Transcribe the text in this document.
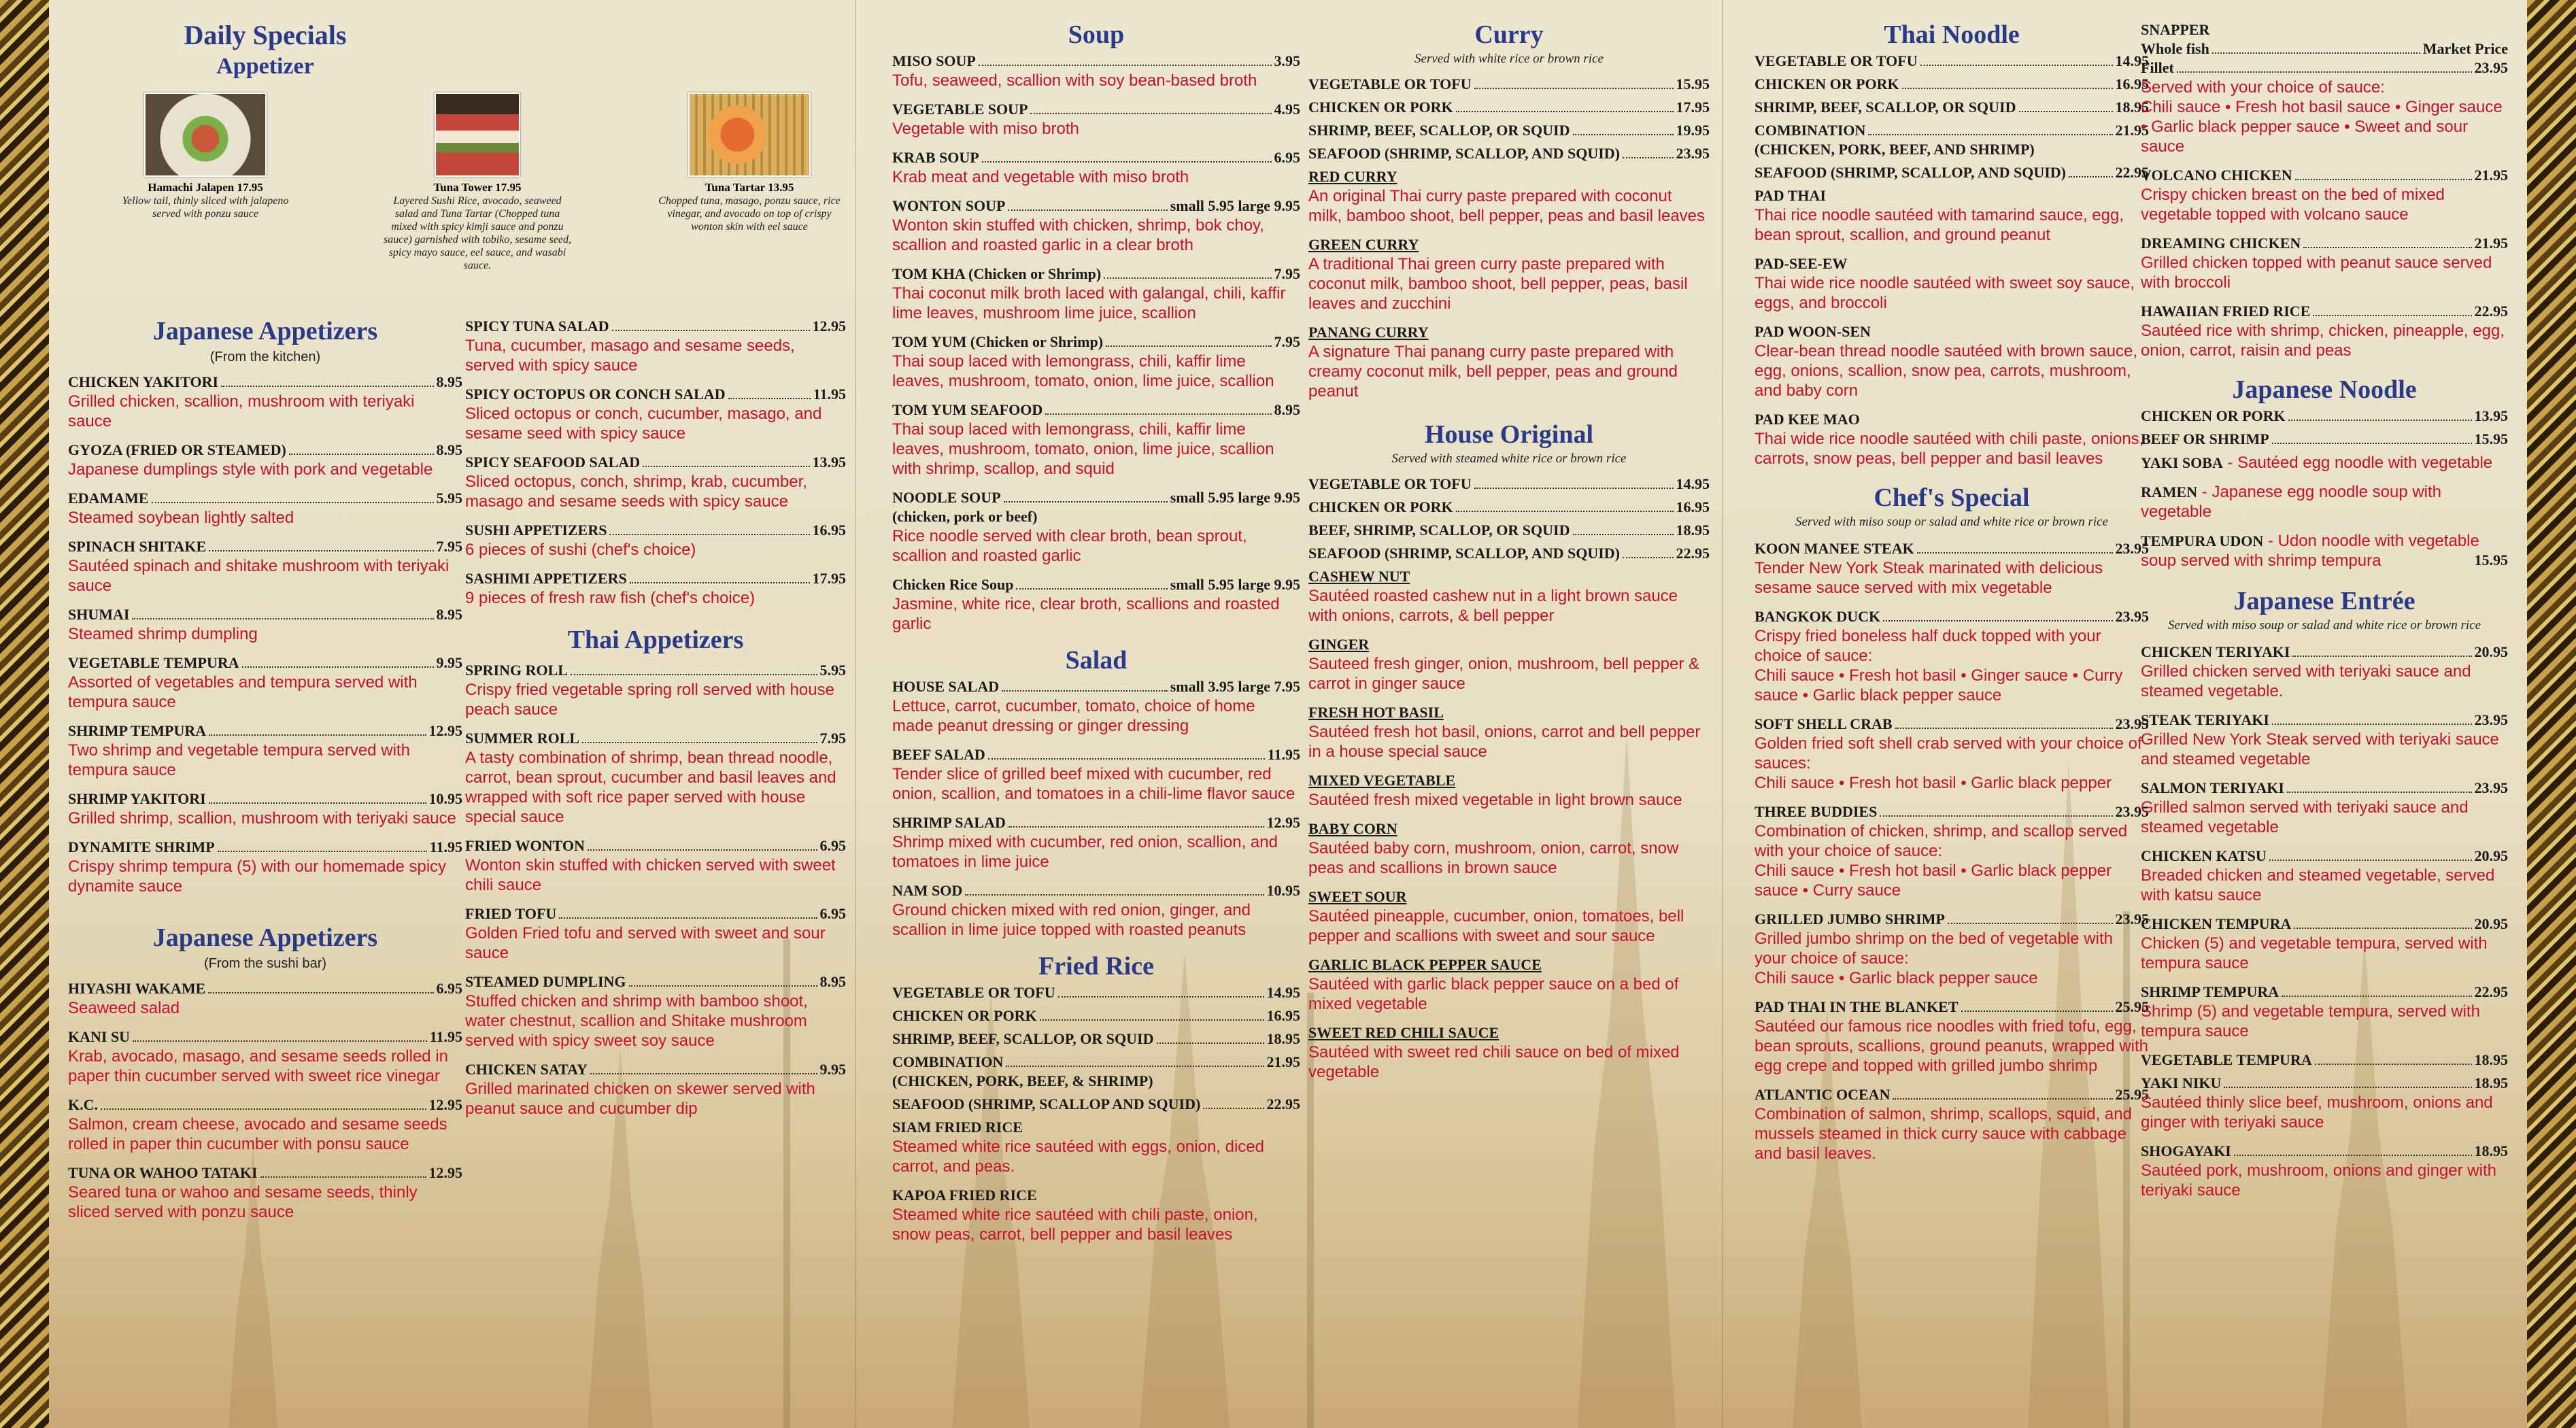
Daily Specials
Appetizer
Hamachi Jalapen 17.95
Yellow tail, thinly sliced with jalapeno served with ponzu sauce
Tuna Tower 17.95
Layered Sushi Rice, avocado, seaweed salad and Tuna Tartar (Chopped tuna mixed with spicy kimji sauce and ponzu sauce) garnished with tobiko, sesame seed, spicy mayo sauce, eel sauce, and wasabi sauce.
Tuna Tartar 13.95
Chopped tuna, masago, ponzu sauce, rice vinegar, and avocado on top of crispy wonton skin with eel sauce
Japanese Appetizers
(From the kitchen)
CHICKEN YAKITORI	8.95
Grilled chicken, scallion, mushroom with teriyaki sauce
GYOZA (FRIED OR STEAMED)	8.95
Japanese dumplings style with pork and vegetable
EDAMAME	5.95
Steamed soybean lightly salted
SPINACH SHITAKE	7.95
Sautéed spinach and shitake mushroom with teriyaki sauce
SHUMAI	8.95
Steamed shrimp dumpling
VEGETABLE TEMPURA	9.95
Assorted of vegetables and tempura served with tempura sauce
SHRIMP TEMPURA	12.95
Two shrimp and vegetable tempura served with tempura sauce
SHRIMP YAKITORI	10.95
Grilled shrimp, scallion, mushroom with teriyaki sauce
DYNAMITE SHRIMP	11.95
Crispy shrimp tempura (5) with our homemade spicy dynamite sauce
Japanese Appetizers
(From the sushi bar)
HIYASHI WAKAME	6.95
Seaweed salad
KANI SU	11.95
Krab, avocado, masago, and sesame seeds rolled in paper thin cucumber served with sweet rice vinegar
K.C.	12.95
Salmon, cream cheese, avocado and sesame seeds rolled in paper thin cucumber with ponsu sauce
TUNA OR WAHOO TATAKI	12.95
Seared tuna or wahoo and sesame seeds, thinly sliced served with ponzu sauce
SPICY TUNA SALAD	12.95
Tuna, cucumber, masago and sesame seeds, served with spicy sauce
SPICY OCTOPUS OR CONCH SALAD	11.95
Sliced octopus or conch, cucumber, masago, and sesame seed with spicy sauce
SPICY SEAFOOD SALAD	13.95
Sliced octopus, conch, shrimp, krab, cucumber, masago and sesame seeds with spicy sauce
SUSHI APPETIZERS	16.95
6 pieces of sushi (chef's choice)
SASHIMI APPETIZERS	17.95
9 pieces of fresh raw fish (chef's choice)
Thai Appetizers
SPRING ROLL	5.95
Crispy fried vegetable spring roll served with house peach sauce
SUMMER ROLL	7.95
A tasty combination of shrimp, bean thread noodle, carrot, bean sprout, cucumber and basil leaves and wrapped with soft rice paper served with house special sauce
FRIED WONTON	6.95
Wonton skin stuffed with chicken served with sweet chili sauce
FRIED TOFU	6.95
Golden Fried tofu and served with sweet and sour sauce
STEAMED DUMPLING	8.95
Stuffed chicken and shrimp with bamboo shoot, water chestnut, scallion and Shitake mushroom served with spicy sweet soy sauce
CHICKEN SATAY	9.95
Grilled marinated chicken on skewer served with peanut sauce and cucumber dip
Soup
MISO SOUP	3.95
Tofu, seaweed, scallion with soy bean-based broth
VEGETABLE SOUP	4.95
Vegetable with miso broth
KRAB SOUP	6.95
Krab meat and vegetable with miso broth
WONTON SOUP	small 5.95 large 9.95
Wonton skin stuffed with chicken, shrimp, bok choy, scallion and roasted garlic in a clear broth
TOM KHA (Chicken or Shrimp)	7.95
Thai coconut milk broth laced with galangal, chili, kaffir lime leaves, mushroom lime juice, scallion
TOM YUM (Chicken or Shrimp)	7.95
Thai soup laced with lemongrass, chili, kaffir lime leaves, mushroom, tomato, onion, lime juice, scallion
TOM YUM SEAFOOD	8.95
Thai soup laced with lemongrass, chili, kaffir lime leaves, mushroom, tomato, onion, lime juice, scallion with shrimp, scallop, and squid
NOODLE SOUP	small 5.95 large 9.95
(chicken, pork or beef)
Rice noodle served with clear broth, bean sprout, scallion and roasted garlic
Chicken Rice Soup	small 5.95 large 9.95
Jasmine, white rice, clear broth, scallions and roasted garlic
Salad
HOUSE SALAD	small 3.95 large 7.95
Lettuce, carrot, cucumber, tomato, choice of home made peanut dressing or ginger dressing
BEEF SALAD	11.95
Tender slice of grilled beef mixed with cucumber, red onion, scallion, and tomatoes in a chili-lime flavor sauce
SHRIMP SALAD	12.95
Shrimp mixed with cucumber, red onion, scallion, and tomatoes in lime juice
NAM SOD	10.95
Ground chicken mixed with red onion, ginger, and scallion in lime juice topped with roasted peanuts
Fried Rice
VEGETABLE OR TOFU	14.95
CHICKEN OR PORK	16.95
SHRIMP, BEEF, SCALLOP, OR SQUID	18.95
COMBINATION	21.95
(CHICKEN, PORK, BEEF, & SHRIMP)
SEAFOOD (SHRIMP, SCALLOP AND SQUID)	22.95
SIAM FRIED RICE
Steamed white rice sautéed with eggs, onion, diced carrot, and peas.
KAPOA FRIED RICE
Steamed white rice sautéed with chili paste, onion, snow peas, carrot, bell pepper and basil leaves
Curry
Served with white rice or brown rice
VEGETABLE OR TOFU	15.95
CHICKEN OR PORK	17.95
SHRIMP, BEEF, SCALLOP, OR SQUID	19.95
SEAFOOD (SHRIMP, SCALLOP, AND SQUID)	23.95
RED CURRY
An original Thai curry paste prepared with coconut milk, bamboo shoot, bell pepper, peas and basil leaves
GREEN CURRY
A traditional Thai green curry paste prepared with coconut milk, bamboo shoot, bell pepper, peas, basil leaves and zucchini
PANANG CURRY
A signature Thai panang curry paste prepared with creamy coconut milk, bell pepper, peas and ground peanut
House Original
Served with steamed white rice or brown rice
VEGETABLE OR TOFU	14.95
CHICKEN OR PORK	16.95
BEEF, SHRIMP, SCALLOP, OR SQUID	18.95
SEAFOOD (SHRIMP, SCALLOP, AND SQUID)	22.95
CASHEW NUT
Sautéed roasted cashew nut in a light brown sauce with onions, carrots, & bell pepper
GINGER
Sauteed fresh ginger, onion, mushroom, bell pepper & carrot in ginger sauce
FRESH HOT BASIL
Sautéed fresh hot basil, onions, carrot and bell pepper in a house special sauce
MIXED VEGETABLE
Sautéed fresh mixed vegetable in light brown sauce
BABY CORN
Sautéed baby corn, mushroom, onion, carrot, snow peas and scallions in brown sauce
SWEET SOUR
Sautéed pineapple, cucumber, onion, tomatoes, bell pepper and scallions with sweet and sour sauce
GARLIC BLACK PEPPER SAUCE
Sautéed with garlic black pepper sauce on a bed of mixed vegetable
SWEET RED CHILI SAUCE
Sautéed with sweet red chili sauce on bed of mixed vegetable
Thai Noodle
VEGETABLE OR TOFU	14.95
CHICKEN OR PORK	16.95
SHRIMP, BEEF, SCALLOP, OR SQUID	18.95
COMBINATION	21.95
(CHICKEN, PORK, BEEF, AND SHRIMP)
SEAFOOD (SHRIMP, SCALLOP, AND SQUID)	22.95
PAD THAI
Thai rice noodle sautéed with tamarind sauce, egg, bean sprout, scallion, and ground peanut
PAD-SEE-EW
Thai wide rice noodle sautéed with sweet soy sauce, eggs, and broccoli
PAD WOON-SEN
Clear-bean thread noodle sautéed with brown sauce, egg, onions, scallion, snow pea, carrots, mushroom, and baby corn
PAD KEE MAO
Thai wide rice noodle sautéed with chili paste, onions, carrots, snow peas, bell pepper and basil leaves
Chef's Special
Served with miso soup or salad and white rice or brown rice
KOON MANEE STEAK	23.95
Tender New York Steak marinated with delicious sesame sauce served with mix vegetable
BANGKOK DUCK	23.95
Crispy fried boneless half duck topped with your choice of sauce:
Chili sauce • Fresh hot basil • Ginger sauce • Curry sauce • Garlic black pepper sauce
SOFT SHELL CRAB	23.95
Golden fried soft shell crab served with your choice of sauces:
Chili sauce • Fresh hot basil • Garlic black pepper
THREE BUDDIES	23.95
Combination of chicken, shrimp, and scallop served with your choice of sauce:
Chili sauce • Fresh hot basil • Garlic black pepper sauce • Curry sauce
GRILLED JUMBO SHRIMP	23.95
Grilled jumbo shrimp on the bed of vegetable with your choice of sauce:
Chili sauce • Garlic black pepper sauce
PAD THAI IN THE BLANKET	25.95
Sautéed our famous rice noodles with fried tofu, egg, bean sprouts, scallions, ground peanuts, wrapped with egg crepe and topped with grilled jumbo shrimp
ATLANTIC OCEAN	25.95
Combination of salmon, shrimp, scallops, squid, and mussels steamed in thick curry sauce with cabbage and basil leaves.
SNAPPER
Whole fish	Market Price
Fillet	23.95
Served with your choice of sauce:
Chili sauce • Fresh hot basil sauce • Ginger sauce • Garlic black pepper sauce • Sweet and sour sauce
VOLCANO CHICKEN	21.95
Crispy chicken breast on the bed of mixed vegetable topped with volcano sauce
DREAMING CHICKEN	21.95
Grilled chicken topped with peanut sauce served with broccoli
HAWAIIAN FRIED RICE	22.95
Sautéed rice with shrimp, chicken, pineapple, egg, onion, carrot, raisin and peas
Japanese Noodle
CHICKEN OR PORK	13.95
BEEF OR SHRIMP	15.95
YAKI SOBA - Sautéed egg noodle with vegetable
RAMEN - Japanese egg noodle soup with vegetable
TEMPURA UDON - Udon noodle with vegetable soup served with shrimp tempura	15.95
Japanese Entrée
Served with miso soup or salad and white rice or brown rice
CHICKEN TERIYAKI	20.95
Grilled chicken served with teriyaki sauce and steamed vegetable.
STEAK TERIYAKI	23.95
Grilled New York Steak served with teriyaki sauce and steamed vegetable
SALMON TERIYAKI	23.95
Grilled salmon served with teriyaki sauce and steamed vegetable
CHICKEN KATSU	20.95
Breaded chicken and steamed vegetable, served with katsu sauce
CHICKEN TEMPURA	20.95
Chicken (5) and vegetable tempura, served with tempura sauce
SHRIMP TEMPURA	22.95
Shrimp (5) and vegetable tempura, served with tempura sauce
VEGETABLE TEMPURA	18.95
YAKI NIKU	18.95
Sautéed thinly slice beef, mushroom, onions and ginger with teriyaki sauce
SHOGAYAKI	18.95
Sautéed pork, mushroom, onions and ginger with teriyaki sauce
